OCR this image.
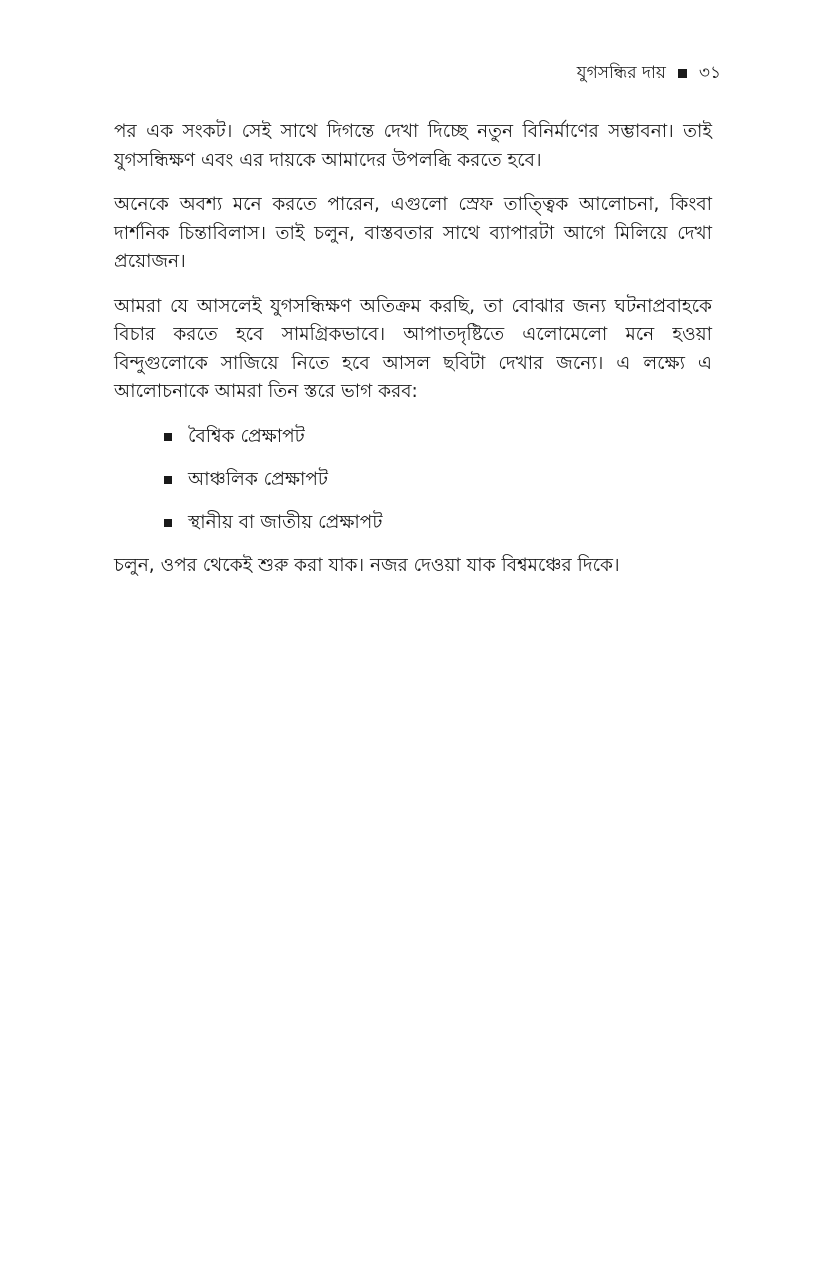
যুগসন্ধির দায় ৩১

পর এক সংকট। সেই সাথে দিগন্তে দেখা দিচ্ছে নতুন বিনির্মাণের সম্ভাবনা। তাই যুগসন্ধিক্ষণ এবং এর দায়কে আমাদের উপলব্ধি করতে হবে।

অনেকে অবশ্য মনে করতে পারেন, এগুলো স্রেফ তাত্ত্বিক আলোচনা, কিংবা দার্শনিক চিন্তাবিলাস। তাই চলুন, বাস্তবতার সাথে ব্যাপারটা আগে মিলিয়ে দেখা প্রয়োজন।

আমরা যে আসলেই যুগসন্ধিক্ষণ অতিক্রম করছি, তা বোঝার জন্য ঘটনাপ্রবাহকে বিচার করতে হবে সামগ্রিকভাবে। আপাতদৃষ্টিতে এলোমেলো মনে হওয়া বিন্দুগুলোকে সাজিয়ে নিতে হবে আসল ছবিটা দেখার জন্যে। এ লক্ষ্যে এ আলোচনাকে আমরা তিন স্তরে ভাগ করব:

বৈশ্বিক প্রেক্ষাপট
আঞ্চলিক প্রেক্ষাপট
স্থানীয় বা জাতীয় প্রেক্ষাপট

চলুন, ওপর থেকেই শুরু করা যাক। নজর দেওয়া যাক বিশ্বমঞ্চের দিকে।
